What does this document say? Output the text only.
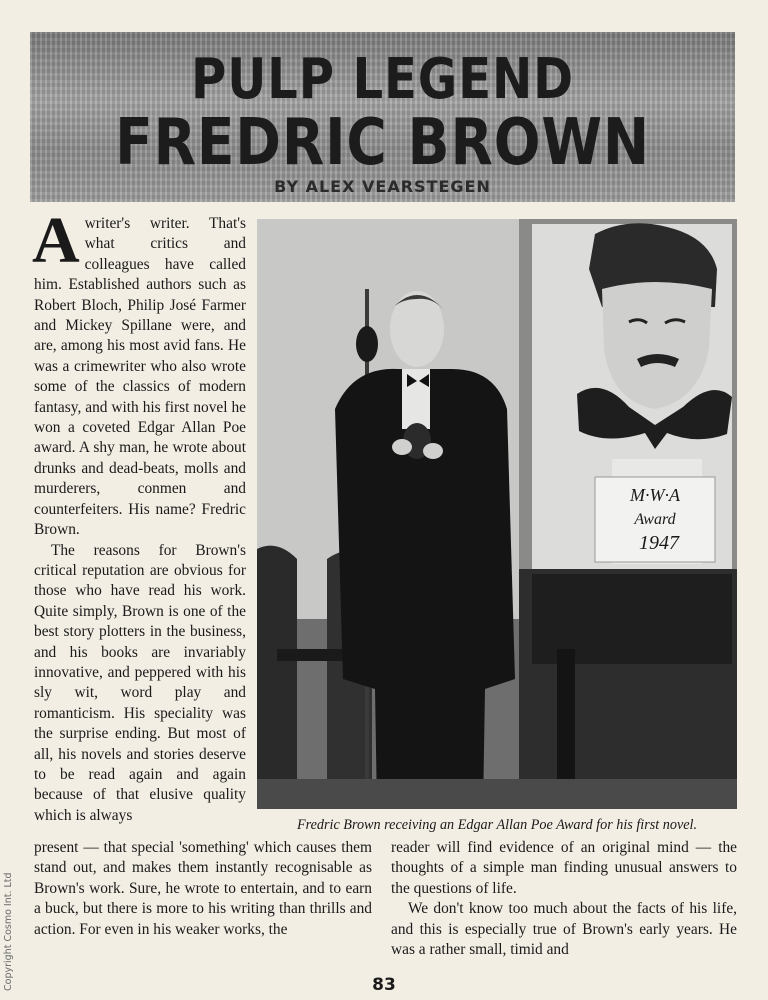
PULP LEGEND
FREDRIC BROWN
BY ALEX VEARSTEGEN

A writer's writer. That's what critics and colleagues have called him. Established authors such as Robert Bloch, Philip José Farmer and Mickey Spillane were, and are, among his most avid fans. He was a crimewriter who also wrote some of the classics of modern fantasy, and with his first novel he won a coveted Edgar Allan Poe award. A shy man, he wrote about drunks and dead-beats, molls and murderers, conmen and counterfeiters. His name? Fredric Brown.

The reasons for Brown's critical reputation are obvious for those who have read his work. Quite simply, Brown is one of the best story plotters in the business, and his books are invariably innovative, and peppered with his sly wit, word play and romanticism. His speciality was the surprise ending. But most of all, his novels and stories deserve to be read again and again because of that elusive quality which is always

M·W·A
Award
1947
Fredric Brown receiving an Edgar Allan Poe Award for his first novel.

present — that special 'something' which causes them stand out, and makes them instantly recognisable as Brown's work. Sure, he wrote to entertain, and to earn a buck, but there is more to his writing than thrills and action. For even in his weaker works, the

reader will find evidence of an original mind — the thoughts of a simple man finding unusual answers to the questions of life.

We don't know too much about the facts of his life, and this is especially true of Brown's early years. He was a rather small, timid and

83
Copyright Cosmo Int. Ltd
